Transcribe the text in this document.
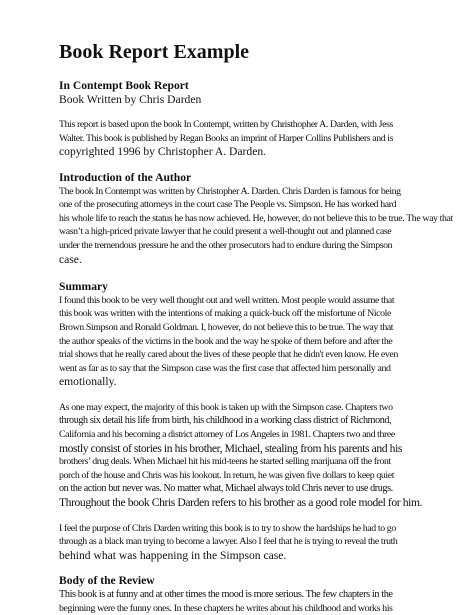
Book Report Example
In Contempt Book Report
Book Written by Chris Darden
This report is based upon the book In Contempt, written by Christhopher A. Darden, with Jess
Walter. This book is published by Regan Books an imprint of Harper Collins Publishers and is
copyrighted 1996 by Christopher A. Darden.
Introduction of the Author
The book In Contempt was written by Christopher A. Darden. Chris Darden is famous for being
one of the prosecuting attorneys in the court case The People vs. Simpson. He has worked hard
his whole life to reach the status he has now achieved. He, however, do not believe this to be true. The way that
wasn’t a high-priced private lawyer that he could present a well-thought out and planned case
under the tremendous pressure he and the other prosecutors had to endure during the Simpson
case.
Summary
I found this book to be very well thought out and well written. Most people would assume that
this book was written with the intentions of making a quick-buck off the misfortune of Nicole
Brown Simpson and Ronald Goldman. I, however, do not believe this to be true. The way that
the author speaks of the victims in the book and the way he spoke of them before and after the
trial shows that he really cared about the lives of these people that he didn't even know. He even
went as far as to say that the Simpson case was the first case that affected him personally and
emotionally.
As one may expect, the majority of this book is taken up with the Simpson case. Chapters two
through six detail his life from birth, his childhood in a working class district of Richmond,
California and his becoming a district attorney of Los Angeles in 1981. Chapters two and three
mostly consist of stories in his brother, Michael, stealing from his parents and his
brothers’ drug deals. When Michael hit his mid-teens he started selling marijuana off the front
porch of the house and Chris was his lookout. In return, he was given five dollars to keep quiet
on the action but never was. No matter what, Michael always told Chris never to use drugs.
Throughout the book Chris Darden refers to his brother as a good role model for him.
I feel the purpose of Chris Darden writing this book is to try to show the hardships he had to go
through as a black man trying to become a lawyer. Also I feel that he is trying to reveal the truth
behind what was happening in the Simpson case.
Body of the Review
This book is at funny and at other times the mood is more serious. The few chapters in the
beginning were the funny ones. In these chapters he writes about his childhood and works his
